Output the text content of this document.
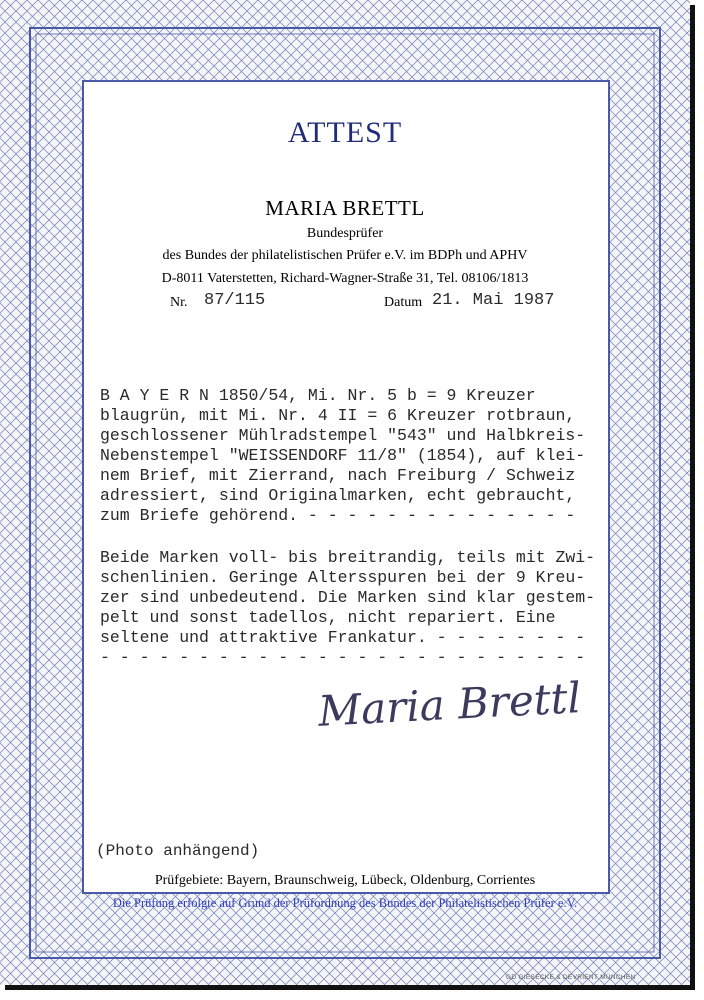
ATTEST
MARIA BRETTL
Bundesprüfer
des Bundes der philatelistischen Prüfer e.V. im BDPh und APHV
D-8011 Vaterstetten, Richard-Wagner-Straße 31, Tel. 08106/1813
Nr. 87/115	Datum 21. Mai 1987
B A Y E R N 1850/54, Mi. Nr. 5 b = 9 Kreuzer
blaugrün, mit Mi. Nr. 4 II = 6 Kreuzer rotbraun,
geschlossener Mühlradstempel "543" und Halbkreis-
Nebenstempel "WEISSENDORF 11/8" (1854), auf klei-
nem Brief, mit Zierrand, nach Freiburg / Schweiz
adressiert, sind Originalmarken, echt gebraucht,
zum Briefe gehörend. - - - - - - - - - - - - - -
Beide Marken voll- bis breitrandig, teils mit Zwi-
schenlinien. Geringe Altersspuren bei der 9 Kreu-
zer sind unbedeutend. Die Marken sind klar gestem-
pelt und sonst tadellos, nicht repariert. Eine
seltene und attraktive Frankatur. - - - - - - - -
- - - - - - - - - - - - - - - - - - - - - - - - -
Maria Brettl
(Photo anhängend)
Prüfgebiete: Bayern, Braunschweig, Lübeck, Oldenburg, Corrientes
Die Prüfung erfolgte auf Grund der Prüfordnung des Bundes der Philatelistischen Prüfer e.V.
GD GIESECKE & DEVRIENT MÜNCHEN
